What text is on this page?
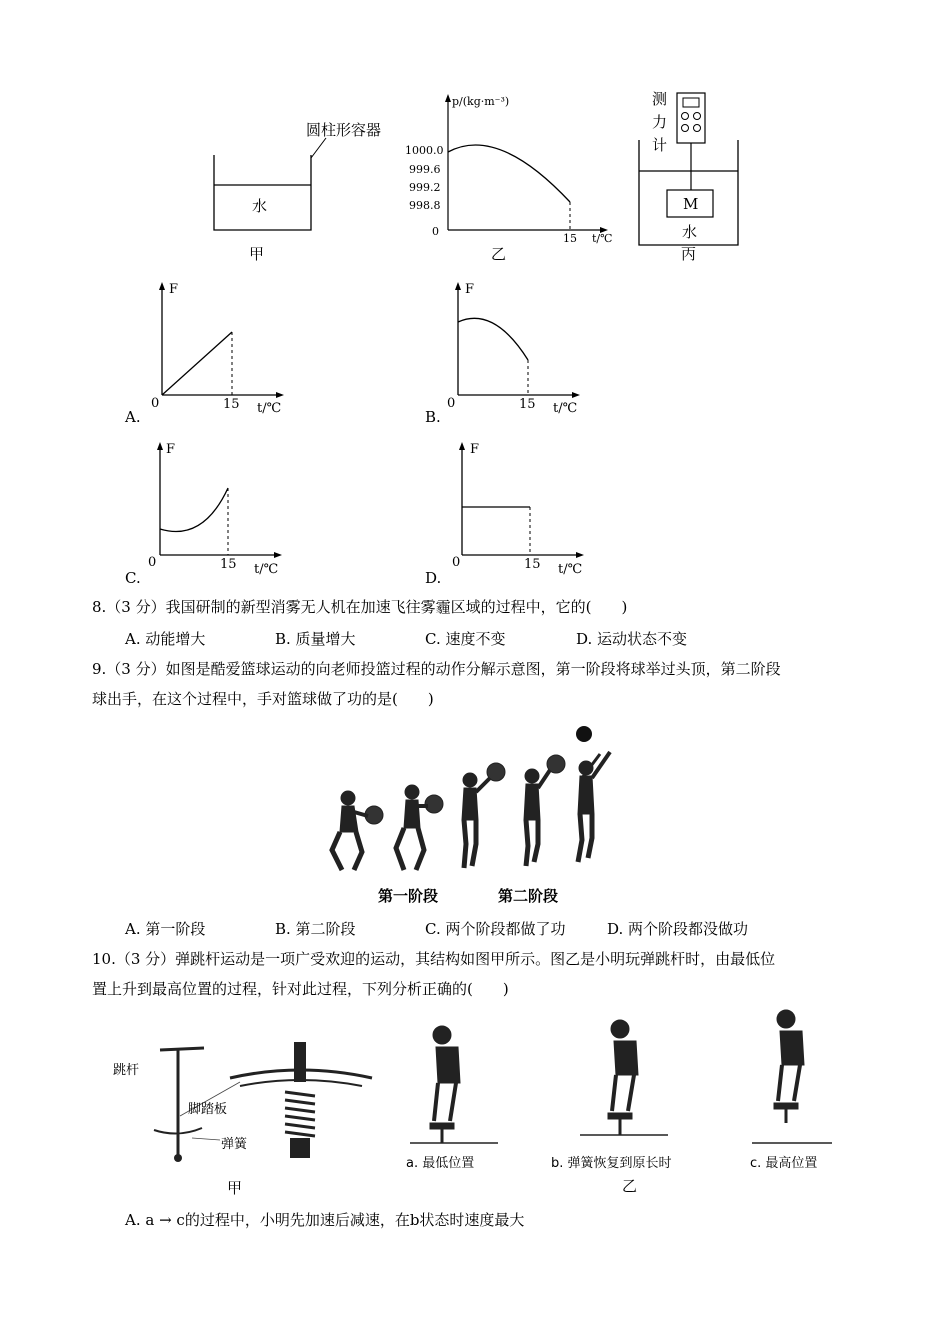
圆柱形容器
水
甲
p/(kg·m⁻³)
1000.0
999.6
999.2
998.8
0
15 t/℃
乙
测
力
计
M
水
丙
F
0	15 t/℃
A.
F
0	15 t/℃
B.
F
0	15 t/℃
C.
F
0	15 t/℃
D.
8.（3 分）我国研制的新型消雾无人机在加速飞往雾霾区域的过程中，它的(　　)
A. 动能增大	B. 质量增大	C. 速度不变	D. 运动状态不变
9.（3 分）如图是酷爱篮球运动的向老师投篮过程的动作分解示意图，第一阶段将球举过头顶，第二阶段
球出手，在这个过程中，手对篮球做了功的是(　　)
第一阶段	第二阶段
A. 第一阶段	B. 第二阶段	C. 两个阶段都做了功	D. 两个阶段都没做功
10.（3 分）弹跳杆运动是一项广受欢迎的运动，其结构如图甲所示。图乙是小明玩弹跳杆时，由最低位
置上升到最高位置的过程，针对此过程，下列分析正确的(　　)
跳杆
脚踏板
弹簧
甲
a. 最低位置	b. 弹簧恢复到原长时	c. 最高位置
乙
A. a → c的过程中，小明先加速后减速，在b状态时速度最大
